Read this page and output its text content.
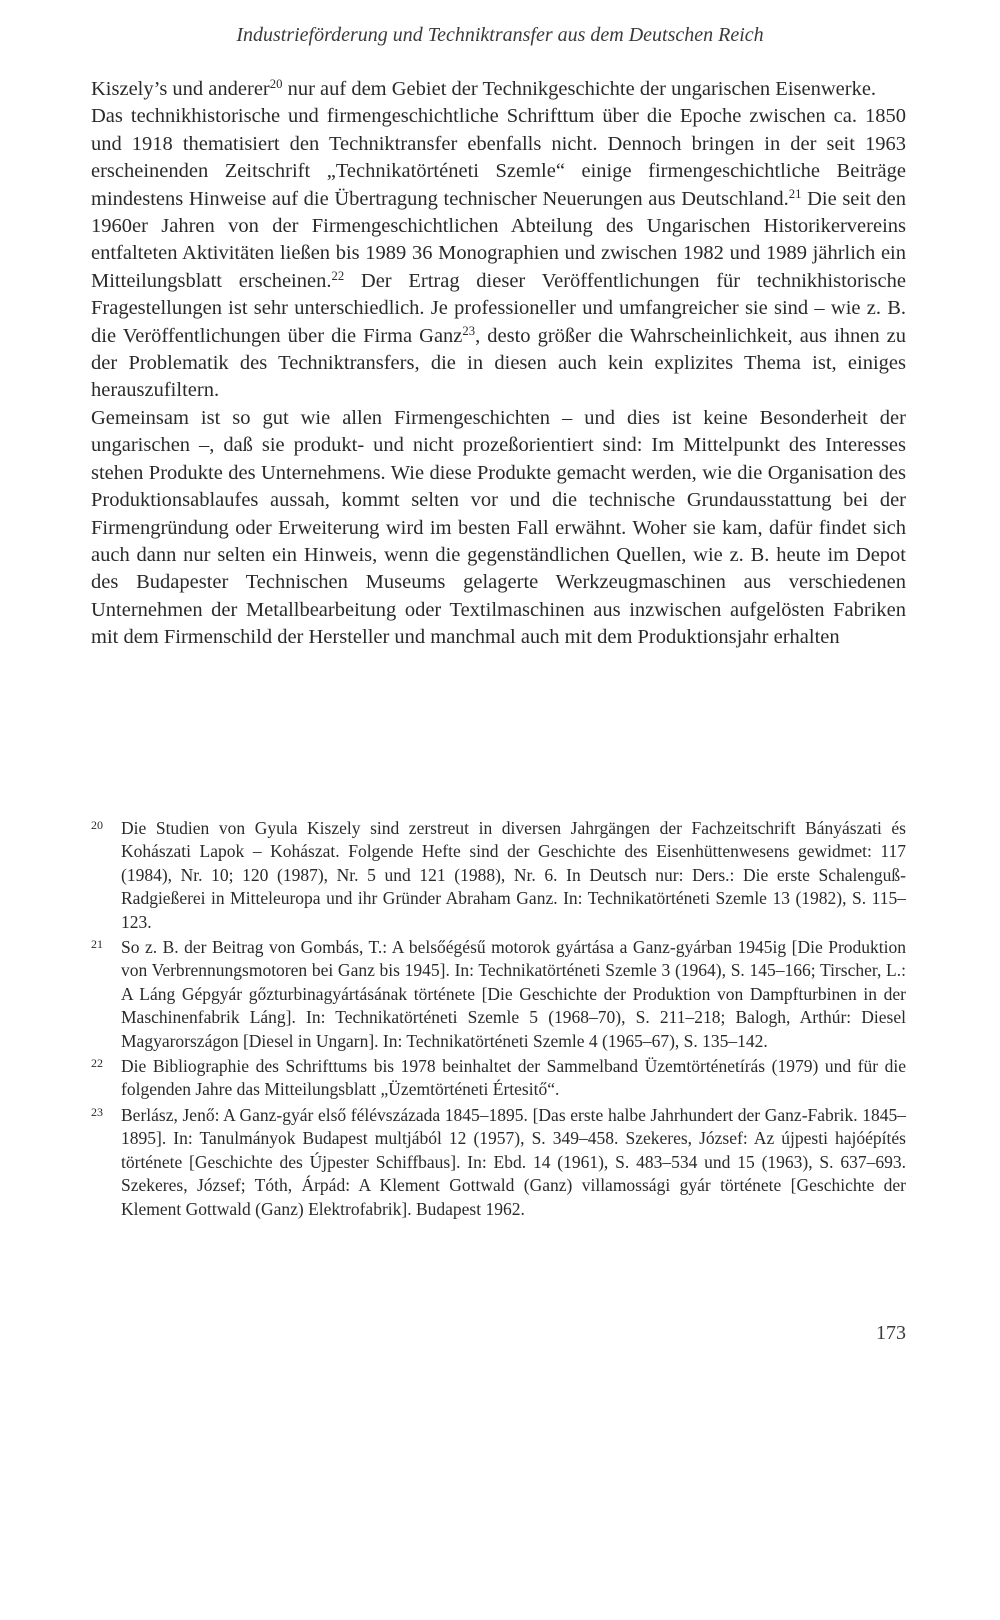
Industrieförderung und Techniktransfer aus dem Deutschen Reich

Kiszely’s und anderer$^{20}$ nur auf dem Gebiet der Technikgeschichte der ungarischen Eisenwerke.

Das technikhistorische und firmengeschichtliche Schrifttum über die Epoche zwischen ca. 1850 und 1918 thematisiert den Techniktransfer ebenfalls nicht. Dennoch bringen in der seit 1963 erscheinenden Zeitschrift „Technikatörténeti Szemle“ einige firmengeschichtliche Beiträge mindestens Hinweise auf die Übertragung technischer Neuerungen aus Deutschland.$^{21}$ Die seit den 1960er Jahren von der Firmengeschichtlichen Abteilung des Ungarischen Historikervereins entfalteten Aktivitäten ließen bis 1989 36 Monographien und zwischen 1982 und 1989 jährlich ein Mitteilungsblatt erscheinen.$^{22}$ Der Ertrag dieser Veröffentlichungen für technikhistorische Fragestellungen ist sehr unterschiedlich. Je professioneller und umfangreicher sie sind – wie z. B. die Veröffentlichungen über die Firma Ganz$^{23}$, desto größer die Wahrscheinlichkeit, aus ihnen zu der Problematik des Techniktransfers, die in diesen auch kein explizites Thema ist, einiges herauszufiltern.

Gemeinsam ist so gut wie allen Firmengeschichten – und dies ist keine Besonderheit der ungarischen –, daß sie produkt- und nicht prozeßorientiert sind: Im Mittelpunkt des Interesses stehen Produkte des Unternehmens. Wie diese Produkte gemacht werden, wie die Organisation des Produktionsablaufes aussah, kommt selten vor und die technische Grundausstattung bei der Firmengründung oder Erweiterung wird im besten Fall erwähnt. Woher sie kam, dafür findet sich auch dann nur selten ein Hinweis, wenn die gegenständlichen Quellen, wie z. B. heute im Depot des Budapester Technischen Museums gelagerte Werkzeugmaschinen aus verschiedenen Unternehmen der Metallbearbeitung oder Textilmaschinen aus inzwischen aufgelösten Fabriken mit dem Firmenschild der Hersteller und manchmal auch mit dem Produktionsjahr erhalten

20 Die Studien von Gyula Kiszely sind zerstreut in diversen Jahrgängen der Fachzeitschrift Bányászati és Kohászati Lapok – Kohászat. Folgende Hefte sind der Geschichte des Eisenhüttenwesens gewidmet: 117 (1984), Nr. 10; 120 (1987), Nr. 5 und 121 (1988), Nr. 6. In Deutsch nur: Ders.: Die erste Schalenguß-Radgießerei in Mitteleuropa und ihr Gründer Abraham Ganz. In: Technikatörténeti Szemle 13 (1982), S. 115–123.
21 So z. B. der Beitrag von Gombás, T.: A belsőégésű motorok gyártása a Ganz-gyárban 1945ig [Die Produktion von Verbrennungsmotoren bei Ganz bis 1945]. In: Technikatörténeti Szemle 3 (1964), S. 145–166; Tirscher, L.: A Láng Gépgyár gőzturbinagyártásának története [Die Geschichte der Produktion von Dampfturbinen in der Maschinenfabrik Láng]. In: Technikatörténeti Szemle 5 (1968–70), S. 211–218; Balogh, Arthúr: Diesel Magyarországon [Diesel in Ungarn]. In: Technikatörténeti Szemle 4 (1965–67), S. 135–142.
22 Die Bibliographie des Schrifttums bis 1978 beinhaltet der Sammelband Üzemtörténetírás (1979) und für die folgenden Jahre das Mitteilungsblatt „Üzemtörténeti Értesitő“.
23 Berlász, Jenő: A Ganz-gyár első félévszázada 1845–1895. [Das erste halbe Jahrhundert der Ganz-Fabrik. 1845–1895]. In: Tanulmányok Budapest multjából 12 (1957), S. 349–458. Szekeres, József: Az újpesti hajóépítés története [Geschichte des Újpester Schiffbaus]. In: Ebd. 14 (1961), S. 483–534 und 15 (1963), S. 637–693. Szekeres, József; Tóth, Árpád: A Klement Gottwald (Ganz) villamossági gyár története [Geschichte der Klement Gottwald (Ganz) Elektrofabrik]. Budapest 1962.
173
